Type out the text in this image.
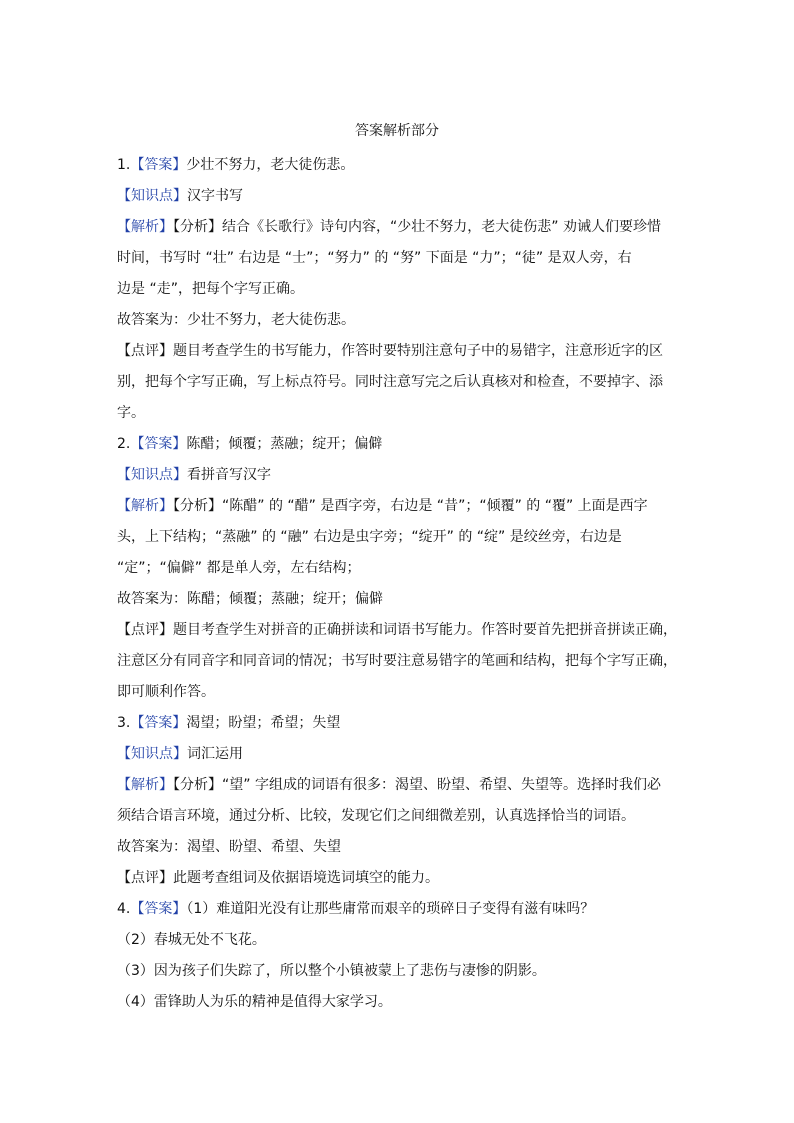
答案解析部分

1.【答案】少壮不努力，老大徒伤悲。

【知识点】汉字书写

【解析】【分析】结合《长歌行》诗句内容，“少壮不努力，老大徒伤悲” 劝诫人们要珍惜

时间，书写时 “壮” 右边是 “士”；“努力” 的 “努” 下面是 “力”；“徒” 是双人旁，右

边是 “走”，把每个字写正确。

故答案为：少壮不努力，老大徒伤悲。

【点评】题目考查学生的书写能力，作答时要特别注意句子中的易错字，注意形近字的区

别，把每个字写正确，写上标点符号。同时注意写完之后认真核对和检查，不要掉字、添

字。

2.【答案】陈醋；倾覆；蒸融；绽开；偏僻

【知识点】看拼音写汉字

【解析】【分析】“陈醋” 的 “醋” 是酉字旁，右边是 “昔”；“倾覆” 的 “覆” 上面是西字

头，上下结构；“蒸融” 的 “融” 右边是虫字旁；“绽开” 的 “绽” 是绞丝旁，右边是

“定”；“偏僻” 都是单人旁，左右结构；

故答案为：陈醋；倾覆；蒸融；绽开；偏僻

【点评】题目考查学生对拼音的正确拼读和词语书写能力。作答时要首先把拼音拼读正确，

注意区分有同音字和同音词的情况；书写时要注意易错字的笔画和结构，把每个字写正确，

即可顺利作答。

3.【答案】渴望；盼望；希望；失望

【知识点】词汇运用

【解析】【分析】“望” 字组成的词语有很多：渴望、盼望、希望、失望等。选择时我们必

须结合语言环境，通过分析、比较，发现它们之间细微差别，认真选择恰当的词语。

故答案为：渴望、盼望、希望、失望

【点评】此题考查组词及依据语境选词填空的能力。

4.【答案】（1）难道阳光没有让那些庸常而艰辛的琐碎日子变得有滋有味吗？

（2）春城无处不飞花。

（3）因为孩子们失踪了，所以整个小镇被蒙上了悲伤与凄惨的阴影。

（4）雷锋助人为乐的精神是值得大家学习。
